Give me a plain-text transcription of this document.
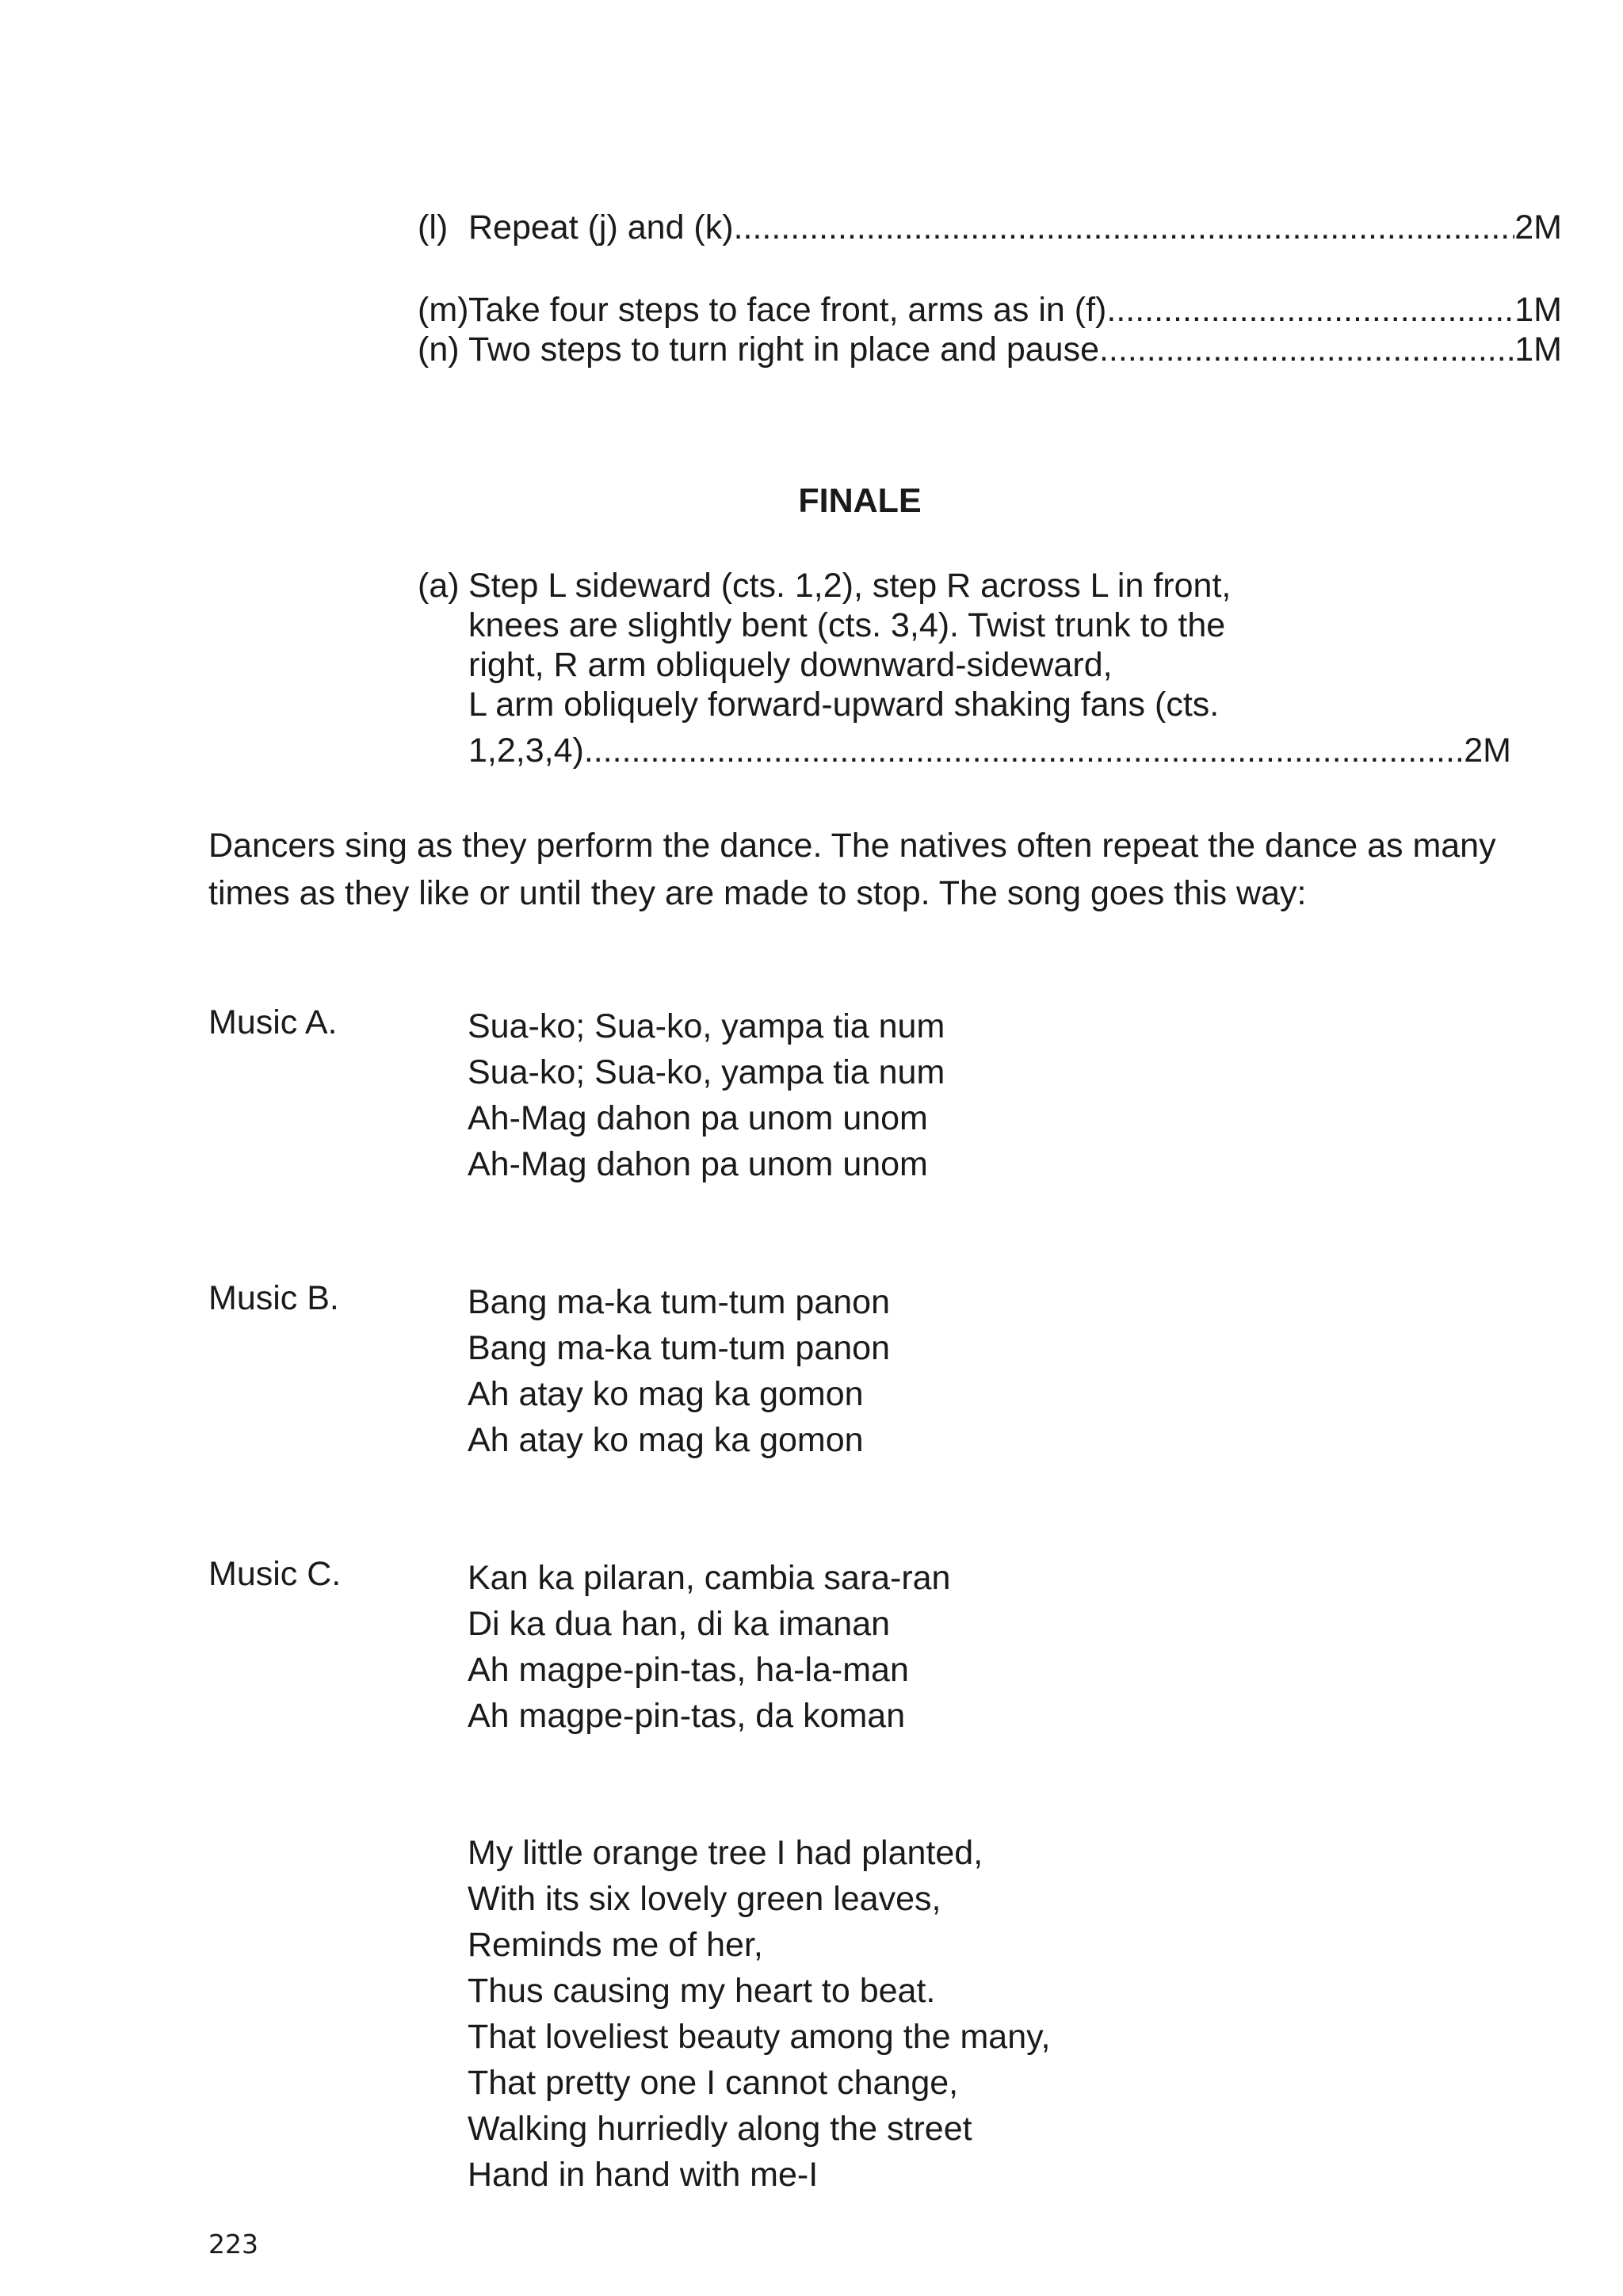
(l) Repeat (j) and (k) .....	2M
(m) Take four steps to face front, arms as in (f) .....	1M
(n) Two steps to turn right in place and pause .....	1M
FINALE
(a) Step L sideward (cts. 1,2), step R across L in front,
knees are slightly bent (cts. 3,4). Twist trunk to the
right, R arm obliquely downward-sideward,
L arm obliquely forward-upward shaking fans (cts.
1,2,3,4) .....	2M
Dancers sing as they perform the dance. The natives often repeat the dance as many times as they like or until they are made to stop. The song goes this way:
Music A.	Sua-ko; Sua-ko, yampa tia num
Sua-ko; Sua-ko, yampa tia num
Ah-Mag dahon pa unom unom
Ah-Mag dahon pa unom unom
Music B.	Bang ma-ka tum-tum panon
Bang ma-ka tum-tum panon
Ah atay ko mag ka gomon
Ah atay ko mag ka gomon
Music C.	Kan ka pilaran, cambia sara-ran
Di ka dua han, di ka imanan
Ah magpe-pin-tas, ha-la-man
Ah magpe-pin-tas, da koman
My little orange tree I had planted,
With its six lovely green leaves,
Reminds me of her,
Thus causing my heart to beat.
That loveliest beauty among the many,
That pretty one I cannot change,
Walking hurriedly along the street
Hand in hand with me-I
223
